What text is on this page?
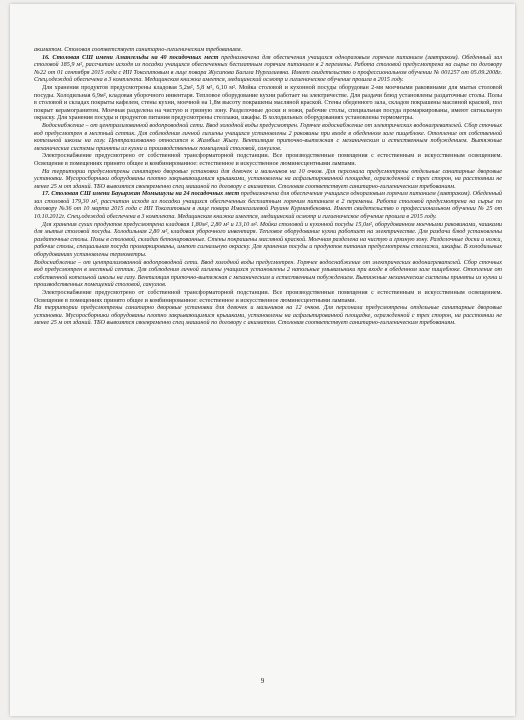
акиматом. Столовая соответствует санитарно-гигиеническим требованиям.

16. Столовая СШ имени Амангельды на 40 посадочных мест предназначена для обеспечения учащихся одноразовым горячим питанием (завтраком). Обеденный зал столовой 185,9 м², рассчитан исходя из посадки учащихся обеспеченных бесплатным горячим питанием в 2 перемены. Работа столовой предусмотрена на сырье по договору №22 от 01 сентября 2015 года с ИП Токсеитовым в лице повара Жусипова Багила Нургалиевна. Имеет свидетельство о профессиональном обучении № 001257 от 05.09.2008г. Спец.одеждой обеспечена в 3 комплекта. Медицинская книжка имеется, медицинский осмотр и гигиеническое обучение прошла в 2015 году.

Для хранения продуктов предусмотрены кладовая 5,2м², 5,8 м², 6,10 м². Мойка столовой и кухонной посуды оборудован 2-мя моечными раковинами для мытья столовой посуды. Холодильная 6,9м², кладовая уборочного инвентаря. Тепловое оборудование кухни работает на электричестве. Для раздачи блюд установлены раздаточные столы. Полы в столовой и складах покрыты кафелем, стены кухни, моечной на 1,8м высоту покрашены масляной краской. Стены обеденного зала, складов покрашены масляной краской, пол покрыт керамогранитом. Моечная разделена на чистую и грязную зону. Разделочные доски и ножи, рабочие столы, специальная посуда промаркированы, имеют сигнальную окраску. Для хранения посуды и продуктов питания предусмотрены стеллажи, шкафы. В холодильных оборудованиях установлены термометры.

Водоснабжение – от централизованной водопроводной сети. Ввод холодной воды предусмотрен. Горячее водоснабжение от электрических водонагревателей. Сбор сточных вод предусмотрен в местный септик. Для соблюдения личной гигиены учащихся установлены 2 раковины при входе в обеденном зале пищеблоке. Отопление от собственной котельной школы на газу. Централизованно относится к Жамбыл Жылу. Вентиляция приточно-вытяжная с механическим и естественным побуждением. Вытяжные механические системы приняты из кухни и производственных помещений столовой, санузлов.

Электроснабжение предусмотрено от собственной трансформаторной подстанции. Все производственные помещения с естественным и искусственным освещением. Освещение в помещениях принято общее и комбинированное: естественное и искусственное люминесцентными лампами.

На территории предусмотрены санитарно дворовые установки для девочек и мальчиков на 10 очков. Для персонала предусмотрены отдельные санитарные дворовые установки. Мусоросборники оборудованы плотно закрывающимися крышками, установлены на асфальтированной площадке, огражденной с трех сторон, на расстоянии не менее 25 м от зданий. ТБО вывозятся своевременно спец машиной по договору с акиматом. Столовая соответствует санитарно-гигиеническим требованиям.

17. Столовая СШ имени Бауыржан Момышулы на 24 посадочных мест предназначена для обеспечения учащихся одноразовым горячим питанием (завтраком). Обеденный зал столовой 179,30 м², рассчитан исходя из посадки учащихся обеспеченных бесплатным горячим питанием в 2 перемены. Работа столовой предусмотрена на сырье по договору №36 от 10 марта 2015 года с ИП Токсеитовым в лице повара Имангалиевой Рауанн Курманбековна. Имеет свидетельство о профессиональном обучении № 25 от 10.10.2012г. Спец.одеждой обеспечена в 3 комплекта. Медицинская книжка имеется, медицинский осмотр и гигиеническое обучение прошла в 2015 году.

Для хранения сухих продуктов предусмотрена кладовая 1,80м², 2,80 м² и 13,10 м². Мойка столовой и кухонной посуды 15,0м², оборудованном моечными раковинами, чашками для мытья столовой посуды. Холодильная 2,80 м², кладовая уборочного инвентаря. Тепловое оборудование кухни работает на электричестве. Для раздачи блюд установлены раздаточные столы. Полы в столовой, складах бетонированные. Стены покрашены масляной краской. Моечная разделена на чистую и грязную зону. Разделочные доски и ножи, рабочие столы, специальная посуда промаркированы, имеют сигнальную окраску. Для хранения посуды и продуктов питания предусмотрены стеллажи, шкафы. В холодильных оборудованиях установлены термометры.

Водоснабжение – от централизованной водопроводной сети. Ввод холодной воды предусмотрен. Горячее водоснабжение от электрических водонагревателей. Сбор сточных вод предусмотрен в местный септик. Для соблюдения личной гигиены учащихся установлены 2 напольные умывальники при входе в обеденном зале пищеблоке. Отопление от собственной котельной школы на газу. Вентиляция приточно-вытяжная с механическим и естественным побуждением. Вытяжные механические системы приняты из кухни и производственных помещений столовой, санузлов.

Электроснабжение предусмотрено от собственной трансформаторной подстанции. Все производственные помещения с естественным и искусственным освещением. Освещение в помещениях принято общее и комбинированное: естественное и искусственное люминесцентными лампами.

На территории предусмотрены санитарно дворовые установки для девочек и мальчиков на 12 очков. Для персонала предусмотрены отдельные санитарные дворовые установки. Мусоросборники оборудованы плотно закрывающимися крышками, установлены на асфальтированной площадке, огражденной с трех сторон, на расстоянии не менее 25 м от зданий. ТБО вывозятся своевременно спец машиной по договору с акиматом. Столовая соответствует санитарно-гигиеническим требованиям.

9
